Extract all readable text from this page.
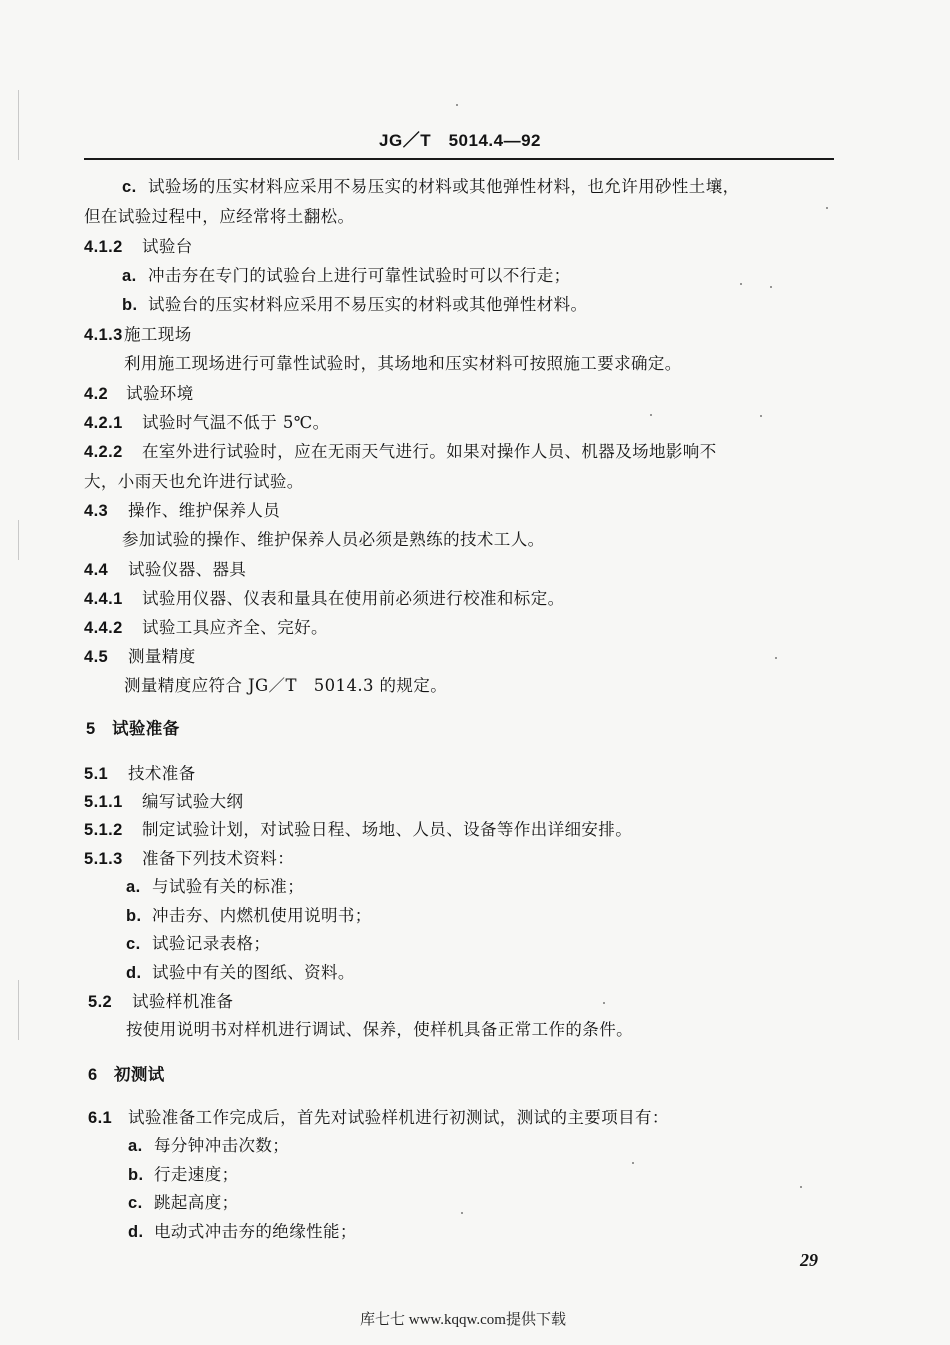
JG／T　5014.4—92
c. 试验场的压实材料应采用不易压实的材料或其他弹性材料，也允许用砂性土壤，
但在试验过程中，应经常将土翻松。
4.1.2 试验台
a. 冲击夯在专门的试验台上进行可靠性试验时可以不行走；
b. 试验台的压实材料应采用不易压实的材料或其他弹性材料。
4.1.3施工现场
利用施工现场进行可靠性试验时，其场地和压实材料可按照施工要求确定。
4.2 试验环境
4.2.1 试验时气温不低于 5℃。
4.2.2 在室外进行试验时，应在无雨天气进行。如果对操作人员、机器及场地影响不
大，小雨天也允许进行试验。
4.3 操作、维护保养人员
参加试验的操作、维护保养人员必须是熟练的技术工人。
4.4 试验仪器、器具
4.4.1 试验用仪器、仪表和量具在使用前必须进行校准和标定。
4.4.2 试验工具应齐全、完好。
4.5 测量精度
测量精度应符合 JG／T　5014.3 的规定。
5 试验准备
5.1 技术准备
5.1.1 编写试验大纲
5.1.2 制定试验计划，对试验日程、场地、人员、设备等作出详细安排。
5.1.3 准备下列技术资料：
a. 与试验有关的标准；
b. 冲击夯、内燃机使用说明书；
c. 试验记录表格；
d. 试验中有关的图纸、资料。
5.2 试验样机准备
按使用说明书对样机进行调试、保养，使样机具备正常工作的条件。
6 初测试
6.1 试验准备工作完成后，首先对试验样机进行初测试，测试的主要项目有：
a. 每分钟冲击次数；
b. 行走速度；
c. 跳起高度；
d. 电动式冲击夯的绝缘性能；
29
库七七 www.kqqw.com提供下载
